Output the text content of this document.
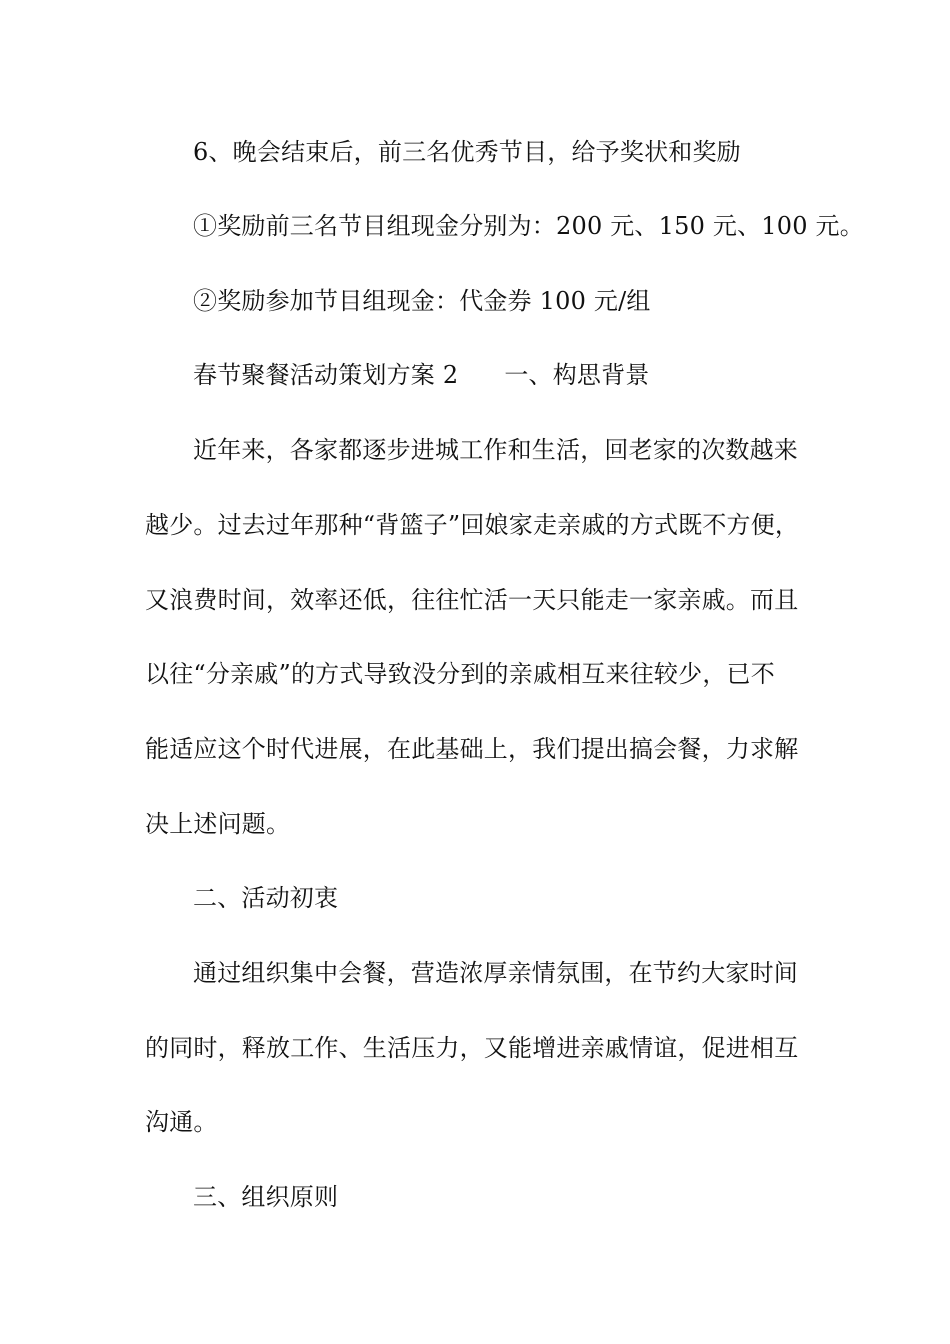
6、晚会结束后，前三名优秀节目，给予奖状和奖励
①奖励前三名节目组现金分别为：200 元、150 元、100 元。
②奖励参加节目组现金：代金券 100 元/组
春节聚餐活动策划方案 2 一、构思背景
近年来，各家都逐步进城工作和生活，回老家的次数越来
越少。过去过年那种“背篮子”回娘家走亲戚的方式既不方便，
又浪费时间，效率还低，往往忙活一天只能走一家亲戚。而且
以往“分亲戚”的方式导致没分到的亲戚相互来往较少，已不
能适应这个时代进展，在此基础上，我们提出搞会餐，力求解
决上述问题。
二、活动初衷
通过组织集中会餐，营造浓厚亲情氛围，在节约大家时间
的同时，释放工作、生活压力，又能增进亲戚情谊，促进相互
沟通。
三、组织原则
